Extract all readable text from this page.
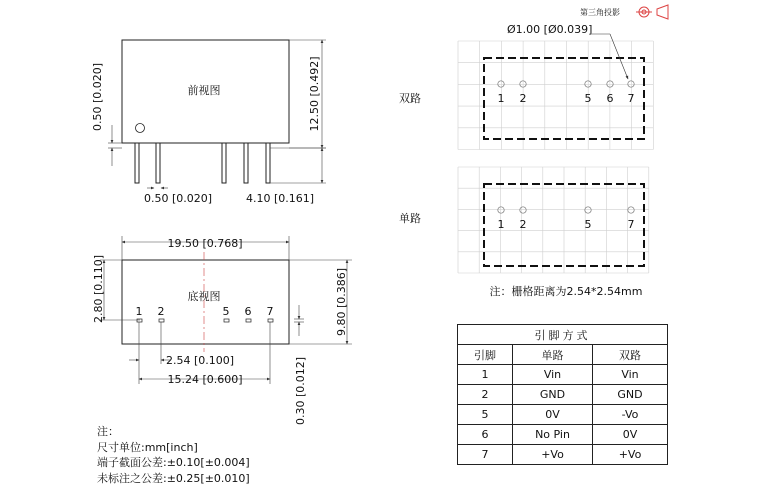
第三角投影
前视图	12.50 [0.492]
0.50 [0.020]
0.50 [0.020]	4.10 [0.161]
底视图
1 2	5 6 7
19.50 [0.768]
9.80 [0.386]
2.80 [0.110]
2.54 [0.100]
15.24 [0.600]	0.30 [0.012]
Ø1.00 [Ø0.039]
1 2	5 6 7
双路
1 2	5	7
单路
注：栅格距离为2.54*2.54mm
注：
尺寸单位:mm[inch]
端子截面公差:±0.10[±0.004]
未标注之公差:±0.25[±0.010]
引脚方式		
引脚	单路	双路
1	Vin	Vin
2	GND	GND
5	0V	-Vo
6	No Pin	0V
7	+Vo	+Vo
